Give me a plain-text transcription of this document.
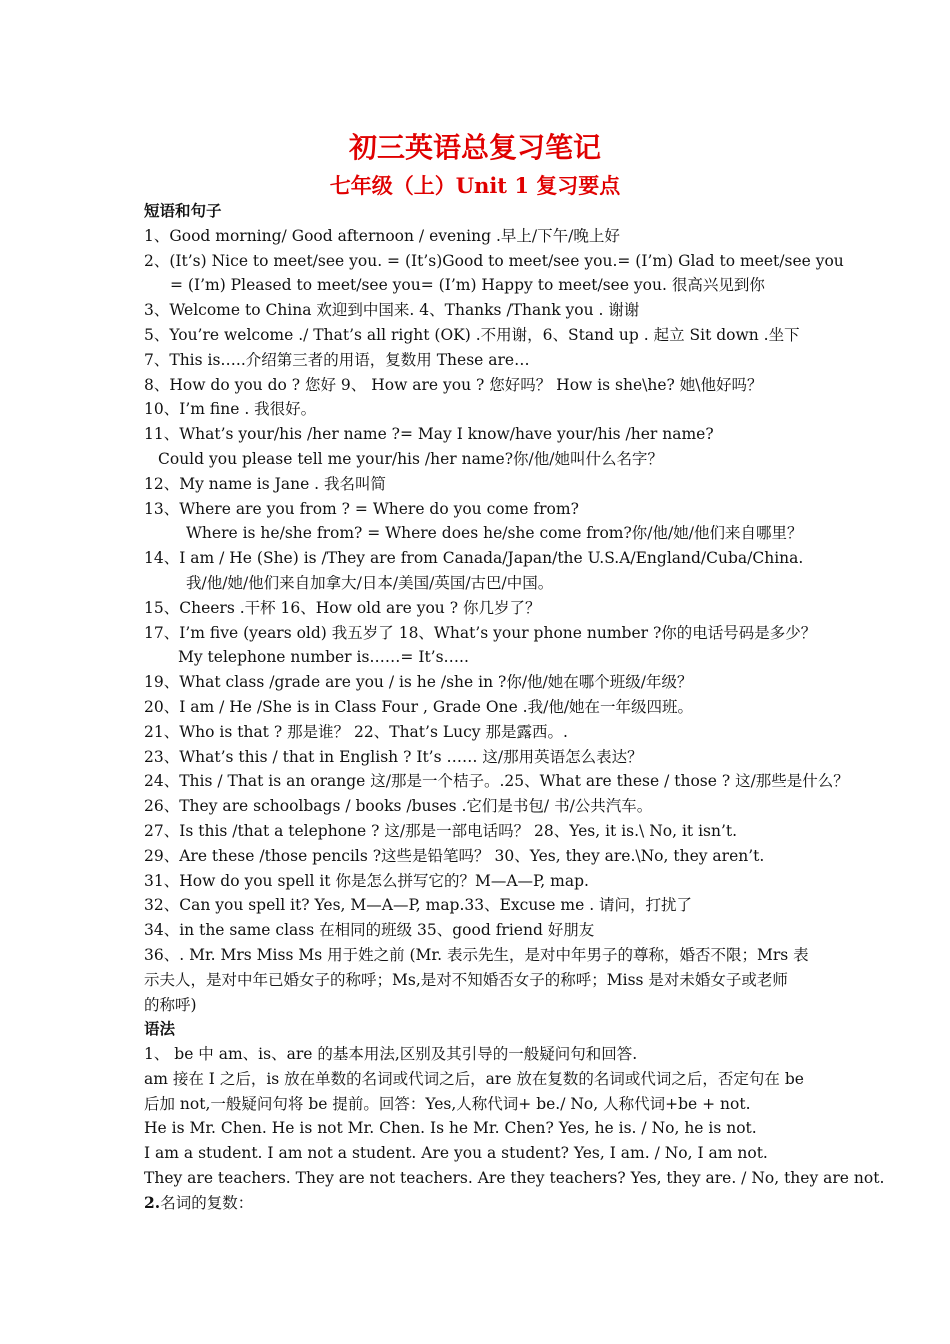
初三英语总复习笔记
七年级（上）Unit 1 复习要点
短语和句子
1、Good morning/ Good afternoon / evening .早上/下午/晚上好
2、(It’s) Nice to meet/see you. = (It’s)Good to meet/see you.= (I’m) Glad to meet/see you
= (I’m) Pleased to meet/see you= (I’m) Happy to meet/see you. 很高兴见到你
3、Welcome to China 欢迎到中国来. 4、Thanks /Thank you . 谢谢
5、You’re welcome ./ That’s all right (OK) .不用谢，6、Stand up . 起立 Sit down .坐下
7、This is…..介绍第三者的用语，复数用 These are…
8、How do you do ? 您好 9、 How are you ? 您好吗？ How is she\he? 她\他好吗？
10、I’m fine . 我很好。
11、What’s your/his /her name ?= May I know/have your/his /her name?
Could you please tell me your/his /her name?你/他/她叫什么名字？
12、My name is Jane . 我名叫简
13、Where are you from ? = Where do you come from?
Where is he/she from? = Where does he/she come from?你/他/她/他们来自哪里？
14、I am / He (She) is /They are from Canada/Japan/the U.S.A/England/Cuba/China.
我/他/她/他们来自加拿大/日本/美国/英国/古巴/中国。
15、Cheers .干杯 16、How old are you ? 你几岁了？
17、I’m five (years old) 我五岁了 18、What’s your phone number ?你的电话号码是多少？
My telephone number is……= It’s…..
19、What class /grade are you / is he /she in ?你/他/她在哪个班级/年级？
20、I am / He /She is in Class Four , Grade One .我/他/她在一年级四班。
21、Who is that ? 那是谁？ 22、That’s Lucy 那是露西。.
23、What’s this / that in English ? It’s …… 这/那用英语怎么表达？
24、This / That is an orange 这/那是一个桔子。.25、What are these / those ? 这/那些是什么？
26、They are schoolbags / books /buses .它们是书包/ 书/公共汽车。
27、Is this /that a telephone ? 这/那是一部电话吗？ 28、Yes, it is.\ No, it isn’t.
29、Are these /those pencils ?这些是铅笔吗？ 30、Yes, they are.\No, they aren’t.
31、How do you spell it 你是怎么拼写它的？M—A—P, map.
32、Can you spell it? Yes, M—A—P, map.33、Excuse me . 请问，打扰了
34、in the same class 在相同的班级 35、good friend 好朋友
36、. Mr. Mrs Miss Ms 用于姓之前 (Mr. 表示先生，是对中年男子的尊称，婚否不限；Mrs 表
示夫人，是对中年已婚女子的称呼；Ms,是对不知婚否女子的称呼；Miss 是对未婚女子或老师
的称呼)
语法
1、 be 中 am、is、are 的基本用法,区别及其引导的一般疑问句和回答.
am 接在 I 之后，is 放在单数的名词或代词之后，are 放在复数的名词或代词之后，否定句在 be
后加 not,一般疑问句将 be 提前。回答：Yes,人称代词+ be./ No, 人称代词+be + not.
He is Mr. Chen. He is not Mr. Chen. Is he Mr. Chen? Yes, he is. / No, he is not.
I am a student. I am not a student. Are you a student? Yes, I am. / No, I am not.
They are teachers. They are not teachers. Are they teachers? Yes, they are. / No, they are not.
2.名词的复数：
